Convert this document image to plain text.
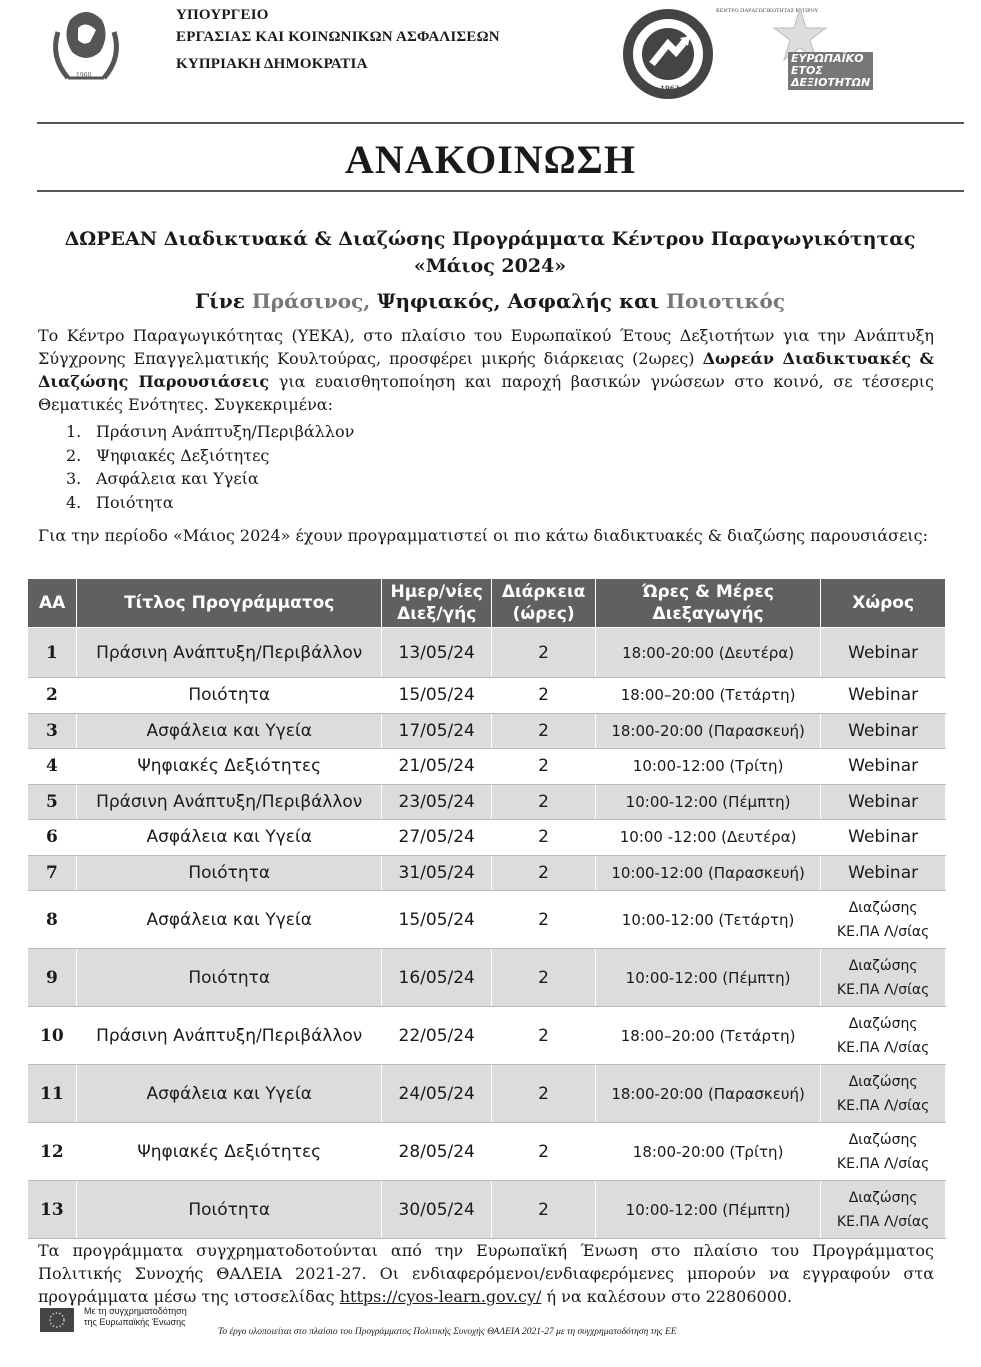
1960
ΥΠΟΥΡΓΕΙΟ
ΕΡΓΑΣΙΑΣ ΚΑΙ ΚΟΙΝΩΝΙΚΩΝ ΑΣΦΑΛΙΣΕΩΝ
ΚΥΠΡΙΑΚΗ ΔΗΜΟΚΡΑΤΙΑ
ΚΕΝΤΡΟ ΠΑΡΑΓΩΓΙΚΟΤΗΤΑΣ ΚΥΠΡΟΥ
1963
ΕΥΡΩΠΑΪΚΟ
ΕΤΟΣ
ΔΕΞΙΟΤΗΤΩΝ
ΑΝΑΚΟΙΝΩΣΗ
ΔΩΡΕΑΝ Διαδικτυακά & Διαζώσης Προγράμματα Κέντρου Παραγωγικότητας
«Μάιος 2024»
Γίνε Πράσινος, Ψηφιακός, Ασφαλής και Ποιοτικός
Το Κέντρο Παραγωγικότητας (ΥΕΚΑ), στο πλαίσιο του Ευρωπαϊκού Έτους Δεξιοτήτων για την Ανάπτυξη Σύγχρονης Επαγγελματικής Κουλτούρας, προσφέρει μικρής διάρκειας (2ωρες) Δωρεάν Διαδικτυακές & Διαζώσης Παρουσιάσεις για ευαισθητοποίηση και παροχή βασικών γνώσεων στο κοινό, σε τέσσερις Θεματικές Ενότητες. Συγκεκριμένα:
1. Πράσινη Ανάπτυξη/Περιβάλλον
2. Ψηφιακές Δεξιότητες
3. Ασφάλεια και Υγεία
4. Ποιότητα
Για την περίοδο «Μάιος 2024» έχουν προγραμματιστεί οι πιο κάτω διαδικτυακές & διαζώσης παρουσιάσεις:
ΑΑ	Τίτλος Προγράμματος	Ημερ/νίες Διεξ/γής	Διάρκεια (ώρες)	Ώρες & Μέρες Διεξαγωγής	Χώρος
1	Πράσινη Ανάπτυξη/Περιβάλλον	13/05/24	2	18:00-20:00 (Δευτέρα)	Webinar
2	Ποιότητα	15/05/24	2	18:00–20:00 (Τετάρτη)	Webinar
3	Ασφάλεια και Υγεία	17/05/24	2	18:00-20:00 (Παρασκευή)	Webinar
4	Ψηφιακές Δεξιότητες	21/05/24	2	10:00-12:00 (Τρίτη)	Webinar
5	Πράσινη Ανάπτυξη/Περιβάλλον	23/05/24	2	10:00-12:00 (Πέμπτη)	Webinar
6	Ασφάλεια και Υγεία	27/05/24	2	10:00 -12:00 (Δευτέρα)	Webinar
7	Ποιότητα	31/05/24	2	10:00-12:00 (Παρασκευή)	Webinar
8	Ασφάλεια και Υγεία	15/05/24	2	10:00-12:00 (Τετάρτη)	Διαζώσης
ΚΕ.ΠΑ Λ/σίας

9	Ποιότητα	16/05/24	2	10:00-12:00 (Πέμπτη)	Διαζώσης
ΚΕ.ΠΑ Λ/σίας

10	Πράσινη Ανάπτυξη/Περιβάλλον	22/05/24	2	18:00–20:00 (Τετάρτη)	Διαζώσης
ΚΕ.ΠΑ Λ/σίας

11	Ασφάλεια και Υγεία	24/05/24	2	18:00-20:00 (Παρασκευή)	Διαζώσης
ΚΕ.ΠΑ Λ/σίας

12	Ψηφιακές Δεξιότητες	28/05/24	2	18:00-20:00 (Τρίτη)	Διαζώσης
ΚΕ.ΠΑ Λ/σίας

13	Ποιότητα	30/05/24	2	10:00-12:00 (Πέμπτη)	Διαζώσης
ΚΕ.ΠΑ Λ/σίας
Τα προγράμματα συγχρηματοδοτούνται από την Ευρωπαϊκή Ένωση στο πλαίσιο του Προγράμματος Πολιτικής Συνοχής ΘΑΛΕΙΑ 2021-27. Οι ενδιαφερόμενοι/ενδιαφερόμενες μπορούν να εγγραφούν στα προγράμματα μέσω της ιστοσελίδας https://cyos-learn.gov.cy/ ή να καλέσουν στο 22806000.
Με τη συγχρηματοδότηση
της Ευρωπαϊκής Ένωσης
Το έργο υλοποιείται στο πλαίσιο του Προγράμματος Πολιτικής Συνοχής ΘΑΛΕΙΑ 2021-27 με τη συγχρηματοδότηση της ΕΕ
